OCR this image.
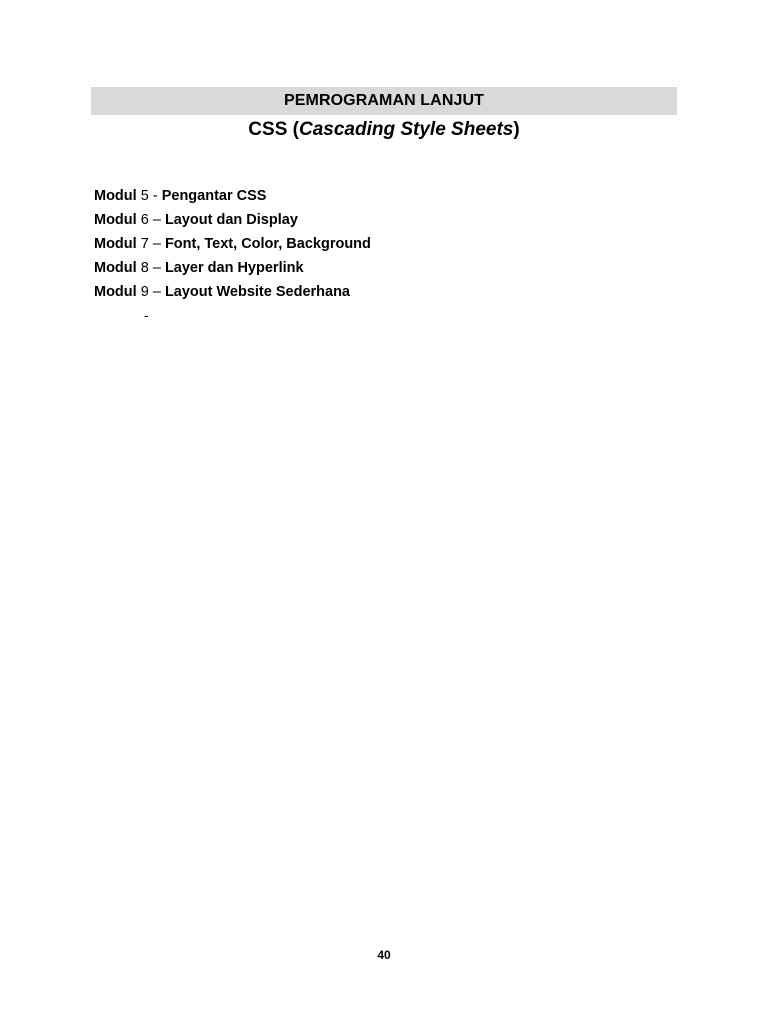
PEMROGRAMAN LANJUT
CSS (Cascading Style Sheets)
Modul 5 - Pengantar CSS
Modul 6 – Layout dan Display
Modul 7 – Font, Text, Color, Background
Modul 8 – Layer dan Hyperlink
Modul 9 – Layout Website Sederhana
-
40
